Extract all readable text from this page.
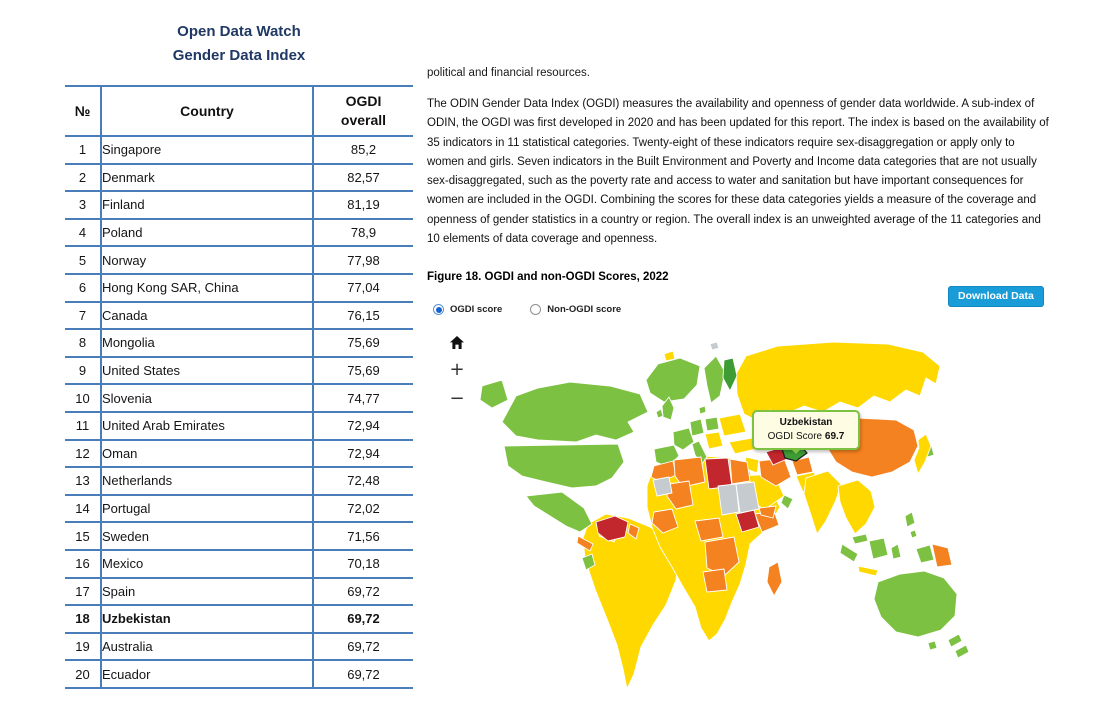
Open Data Watch
Gender Data Index
№	Country	OGDI
overall

1	Singapore	85,2
2	Denmark	82,57
3	Finland	81,19
4	Poland	78,9
5	Norway	77,98
6	Hong Kong SAR, China	77,04
7	Canada	76,15
8	Mongolia	75,69
9	United States	75,69
10	Slovenia	74,77
11	United Arab Emirates	72,94
12	Oman	72,94
13	Netherlands	72,48
14	Portugal	72,02
15	Sweden	71,56
16	Mexico	70,18
17	Spain	69,72
18	Uzbekistan	69,72
19	Australia	69,72
20	Ecuador	69,72
political and financial resources.
The ODIN Gender Data Index (OGDI) measures the availability and openness of gender data worldwide. A sub-index of ODIN, the OGDI was first developed in 2020 and has been updated for this report. The index is based on the availability of 35 indicators in 11 statistical categories. Twenty-eight of these indicators require sex-disaggregation or apply only to women and girls. Seven indicators in the Built Environment and Poverty and Income data categories that are not usually sex-disaggregated, such as the poverty rate and access to water and sanitation but have important consequences for women are included in the OGDI. Combining the scores for these data categories yields a measure of the coverage and openness of gender statistics in a country or region. The overall index is an unweighted average of the 11 categories and 10 elements of data coverage and openness.
Figure 18. OGDI and non-OGDI Scores, 2022
Download Data
OGDI score	Non-OGDI score
+
−
Uzbekistan
OGDI Score 69.7
